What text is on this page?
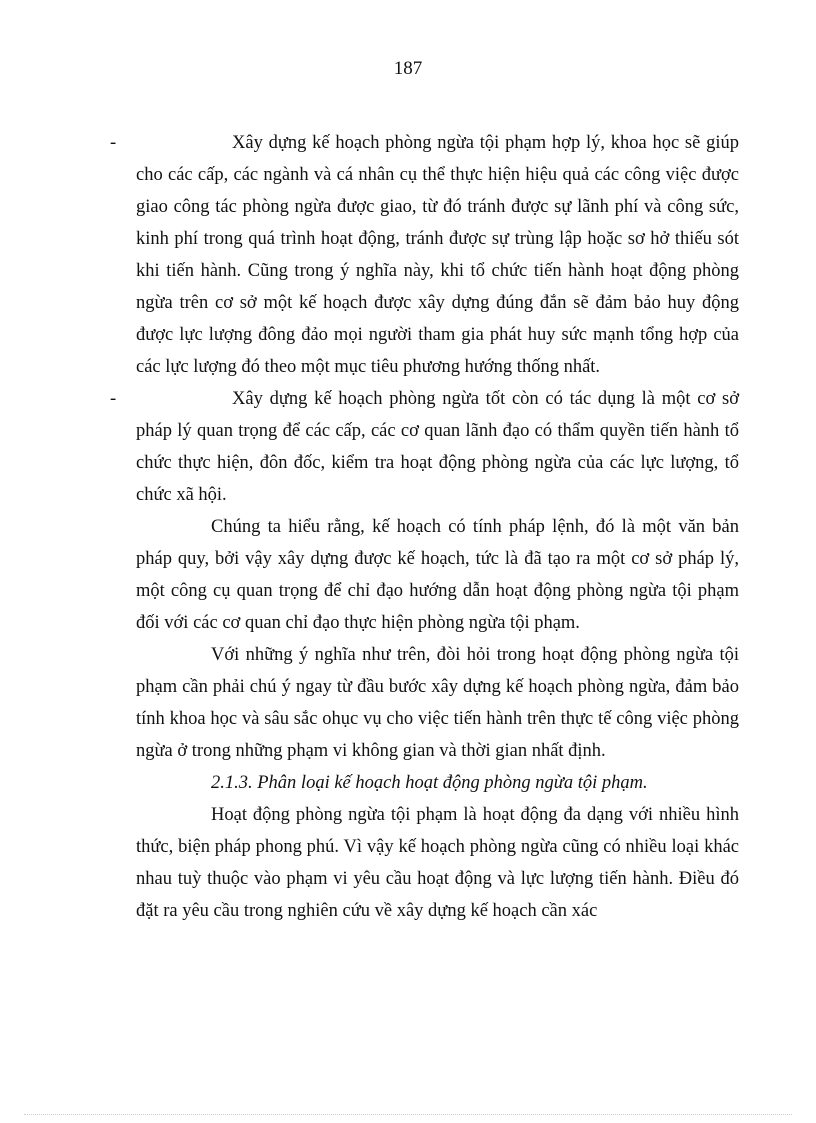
187

-	Xây dựng kế hoạch phòng ngừa tội phạm hợp lý, khoa học sẽ giúp cho các cấp, các ngành và cá nhân cụ thể thực hiện hiệu quả các công việc được giao công tác phòng ngừa được giao, từ đó tránh được sự lãnh phí và công sức, kinh phí trong quá trình hoạt động, tránh được sự trùng lập hoặc sơ hở thiếu sót khi tiến hành. Cũng trong ý nghĩa này, khi tổ chức tiến hành hoạt động phòng ngừa trên cơ sở một kế hoạch được xây dựng đúng đắn sẽ đảm bảo huy động được lực lượng đông đảo mọi người tham gia phát huy sức mạnh tổng hợp của các lực lượng đó theo một mục tiêu phương hướng thống nhất.

-	Xây dựng kế hoạch phòng ngừa tốt còn có tác dụng là một cơ sở pháp lý quan trọng để các cấp, các cơ quan lãnh đạo có thẩm quyền tiến hành tổ chức thực hiện, đôn đốc, kiểm tra hoạt động phòng ngừa của các lực lượng, tổ chức xã hội.

Chúng ta hiểu rằng, kế hoạch có tính pháp lệnh, đó là một văn bản pháp quy, bởi vậy xây dựng được kế hoạch, tức là đã tạo ra một cơ sở pháp lý, một công cụ quan trọng để chỉ đạo hướng dẫn hoạt động phòng ngừa tội phạm đối với các cơ quan chỉ đạo thực hiện phòng ngừa tội phạm.

Với những ý nghĩa như trên, đòi hỏi trong hoạt động phòng ngừa tội phạm cần phải chú ý ngay từ đầu bước xây dựng kế hoạch phòng ngừa, đảm bảo tính khoa học và sâu sắc ohục vụ cho việc tiến hành trên thực tế công việc phòng ngừa ở trong những phạm vi không gian và thời gian nhất định.

2.1.3. Phân loại kế hoạch hoạt động phòng ngừa tội phạm.

Hoạt động phòng ngừa tội phạm là hoạt động đa dạng với nhiều hình thức, biện pháp phong phú. Vì vậy kế hoạch phòng ngừa cũng có nhiều loại khác nhau tuỳ thuộc vào phạm vi yêu cầu hoạt động và lực lượng tiến hành. Điều đó đặt ra yêu cầu trong nghiên cứu về xây dựng kế hoạch cần xác
